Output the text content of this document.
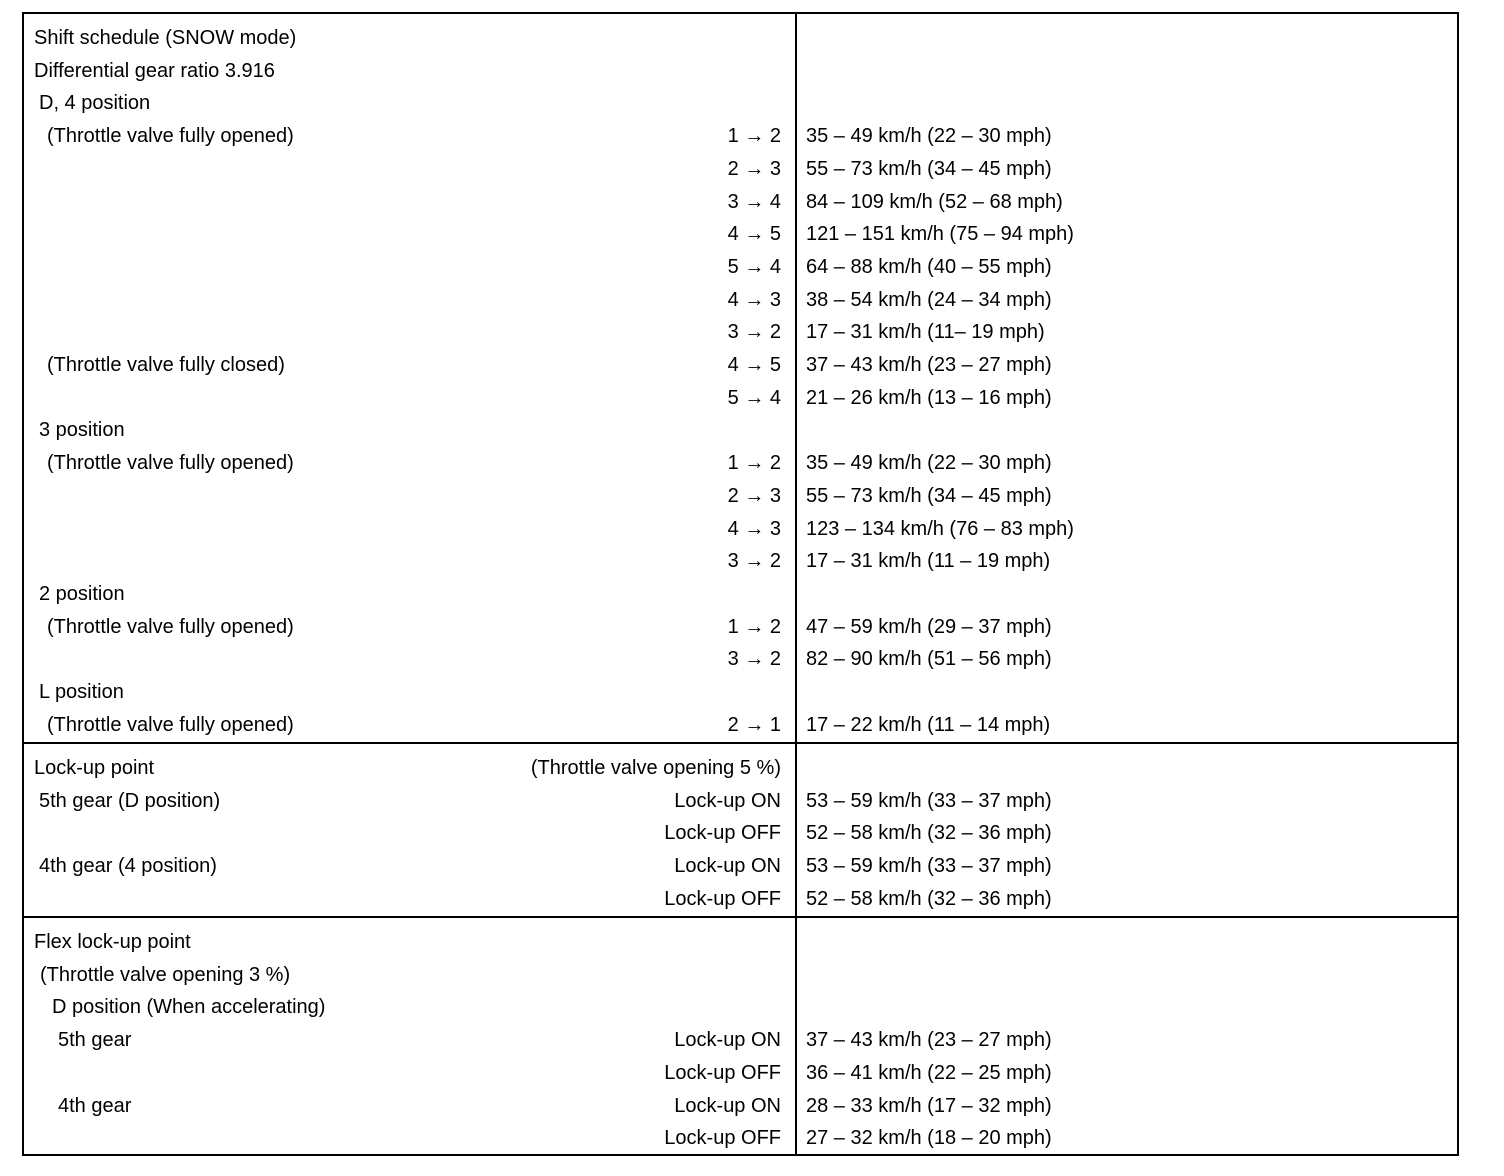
Shift schedule (SNOW mode)
Differential gear ratio 3.916
D, 4 position
(Throttle valve fully opened)	1 → 2 35 – 49 km/h (22 – 30 mph)
2 → 3 55 – 73 km/h (34 – 45 mph)
3 → 4 84 – 109 km/h (52 – 68 mph)
4 → 5 121 – 151 km/h (75 – 94 mph)
5 → 4 64 – 88 km/h (40 – 55 mph)
4 → 3 38 – 54 km/h (24 – 34 mph)
3 → 2 17 – 31 km/h (11– 19 mph)
(Throttle valve fully closed)	4 → 5 37 – 43 km/h (23 – 27 mph)
5 → 4 21 – 26 km/h (13 – 16 mph)
3 position
(Throttle valve fully opened)	1 → 2 35 – 49 km/h (22 – 30 mph)
2 → 3 55 – 73 km/h (34 – 45 mph)
4 → 3 123 – 134 km/h (76 – 83 mph)
3 → 2 17 – 31 km/h (11 – 19 mph)
2 position
(Throttle valve fully opened)	1 → 2 47 – 59 km/h (29 – 37 mph)
3 → 2 82 – 90 km/h (51 – 56 mph)
L position
(Throttle valve fully opened)	2 → 1 17 – 22 km/h (11 – 14 mph)
Lock-up point	(Throttle valve opening 5 %)
5th gear (D position)	Lock-up ON 53 – 59 km/h (33 – 37 mph)
Lock-up OFF 52 – 58 km/h (32 – 36 mph)
4th gear (4 position)	Lock-up ON 53 – 59 km/h (33 – 37 mph)
Lock-up OFF 52 – 58 km/h (32 – 36 mph)
Flex lock-up point
(Throttle valve opening 3 %)
D position (When accelerating)
5th gear	Lock-up ON 37 – 43 km/h (23 – 27 mph)
Lock-up OFF 36 – 41 km/h (22 – 25 mph)
4th gear	Lock-up ON 28 – 33 km/h (17 – 32 mph)
Lock-up OFF 27 – 32 km/h (18 – 20 mph)
